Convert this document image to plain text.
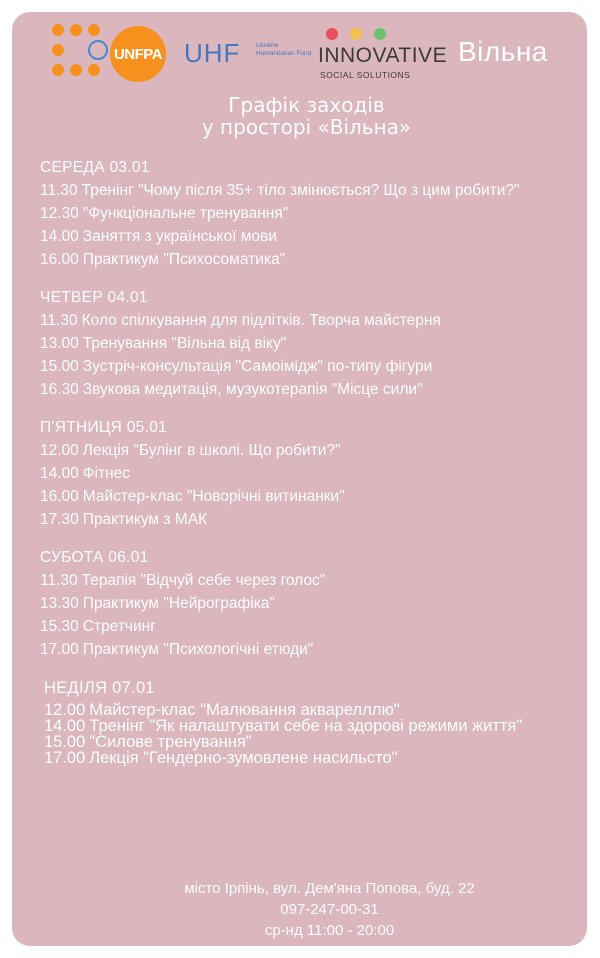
UNFPA UHF Ukraine Humanitarian Fund INNOVATIVE
SOCIAL SOLUTIONS
Вільна
Графік заходів
у просторі «Вільна»
СЕРЕДА 03.01
11.30 Тренінг "Чому після 35+ тіло змінюється? Що з цим робити?"
12.30 "Функціональне тренування"
14.00 Заняття з української мови
16.00 Практикум "Психосоматика"
ЧЕТВЕР 04.01
11.30 Коло спілкування для підлітків. Творча майстерня
13.00 Тренування "Вільна від віку"
15.00 Зустріч-консультація "Самоімідж" по-типу фігури
16.30 Звукова медитація, музукотерапія "Місце сили"
П'ЯТНИЦЯ 05.01
12.00 Лекція "Булінг в школі. Що робити?"
14.00 Фітнес
16.00 Майстер-клас "Новорічні витинанки"
17.30 Практикум з МАК
СУБОТА 06.01
11.30 Терапія "Відчуй себе через голос"
13.30 Практикум "Нейрографіка"
15.30 Стретчинг
17.00 Практикум "Психологічні етюди"
НЕДІЛЯ 07.01
12.00 Майстер-клас "Малювання акварелллю"
14.00 Тренінг "Як налаштувати себе на здорові режими життя"
15.00 "Силове тренування"
17.00 Лекція "Гендерно-зумовлене насильсто"
місто Ірпінь, вул. Дем'яна Попова, буд. 22
097-247-00-31
ср-нд 11:00 - 20:00
